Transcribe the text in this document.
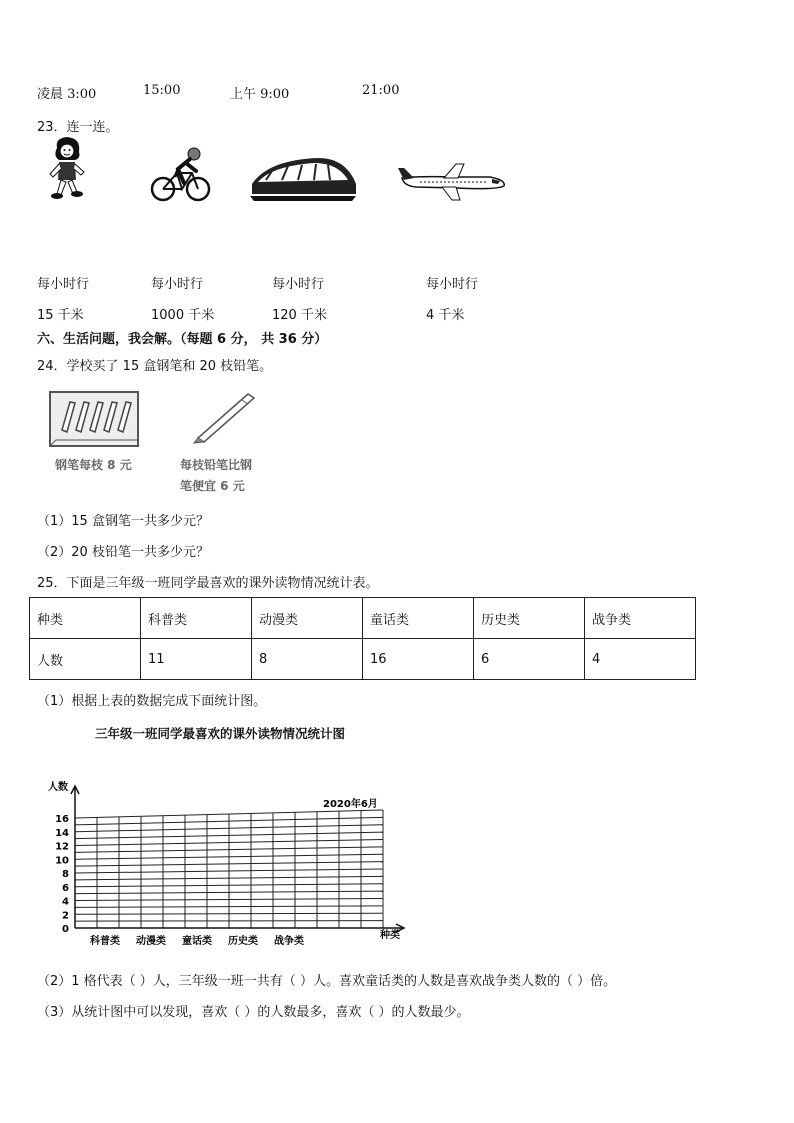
凌晨 3:00	15:00	上午 9:00	21:00
23．连一连。
每小时行	每小时行	每小时行	每小时行
15 千米	1000 千米	120 千米	4 千米
六、生活问题，我会解。（每题 6 分， 共 36 分）
24．学校买了 15 盒钢笔和 20 枝铅笔。
钢笔每枝 8 元	每枝铅笔比钢
笔便宜 6 元
（1）15 盒钢笔一共多少元？
（2）20 枝铅笔一共多少元？
25．下面是三年级一班同学最喜欢的课外读物情况统计表。
种类	科普类	动漫类	童话类	历史类	战争类
人数	11	8	16	6	4
（1）根据上表的数据完成下面统计图。
三年级一班同学最喜欢的课外读物情况统计图
0
2
4
6
8
10
12
14
16
人数
种类
2020年6月
科普类 动漫类 童话类 历史类 战争类
（2）1 格代表（ ）人，三年级一班一共有（ ）人。喜欢童话类的人数是喜欢战争类人数的（ ）倍。
（3）从统计图中可以发现，喜欢（ ）的人数最多，喜欢（ ）的人数最少。
